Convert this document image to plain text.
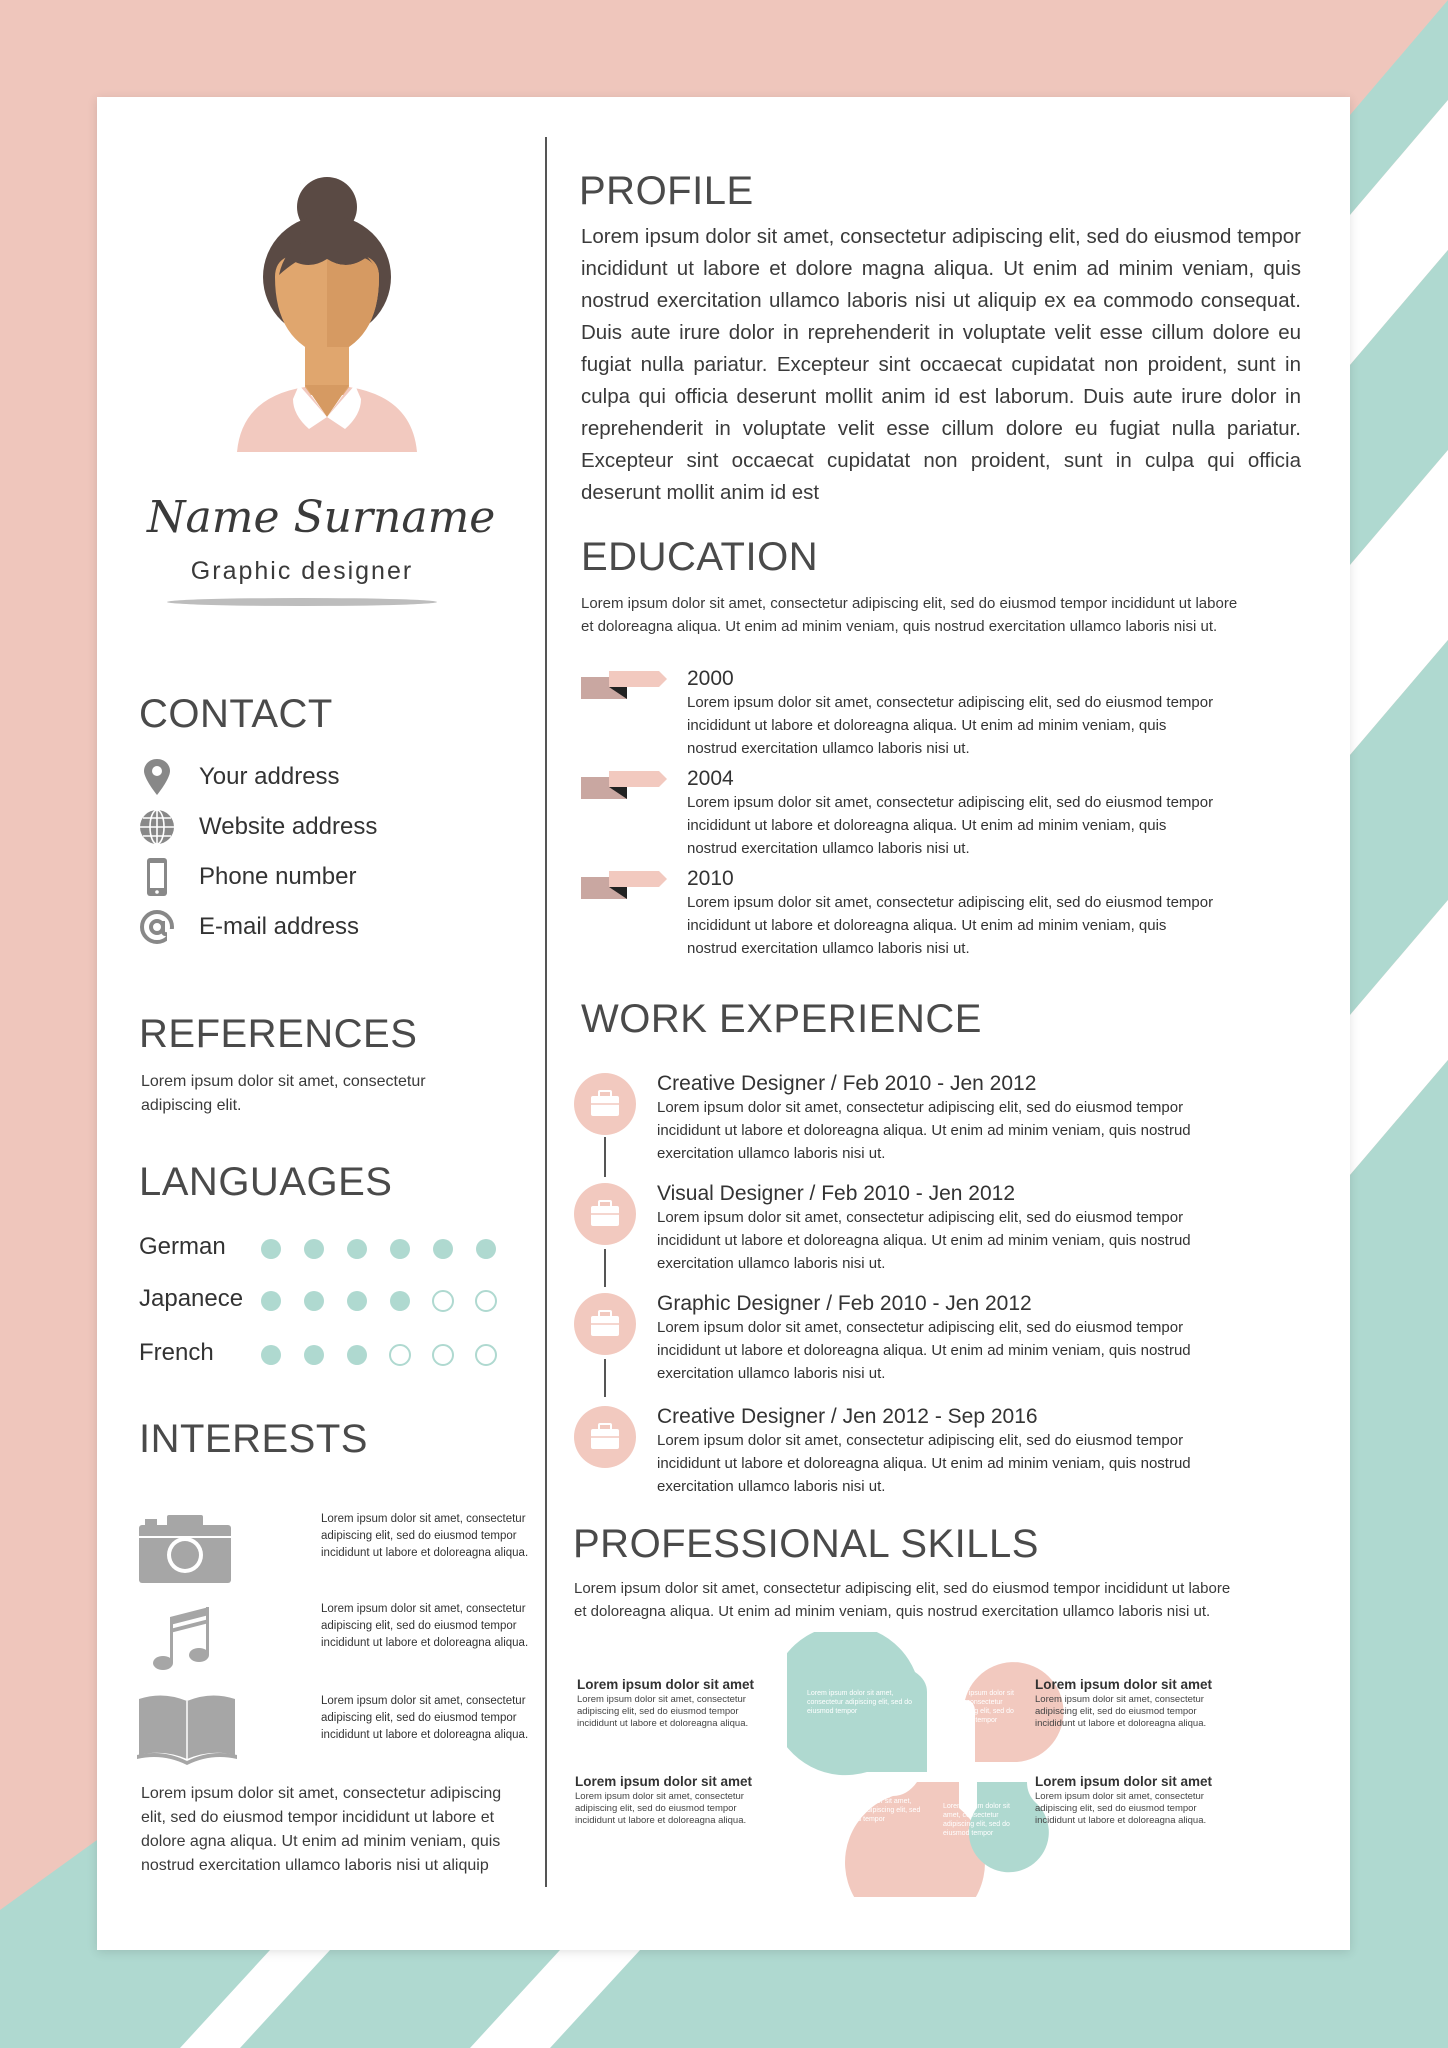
Name Surname
Graphic designer
CONTACT
Your address
Website address
Phone number
E-mail address
REFERENCES
Lorem ipsum dolor sit amet, consectetur adipiscing elit.
LANGUAGES
German
Japanece
French
INTERESTS
Lorem ipsum dolor sit amet, consectetur adipiscing elit, sed do eiusmod tempor incididunt ut labore et doloreagna aliqua.
Lorem ipsum dolor sit amet, consectetur adipiscing elit, sed do eiusmod tempor incididunt ut labore et doloreagna aliqua.
Lorem ipsum dolor sit amet, consectetur adipiscing elit, sed do eiusmod tempor incididunt ut labore et doloreagna aliqua.
Lorem ipsum dolor sit amet, consectetur adipiscing elit, sed do eiusmod tempor incididunt ut labore et dolore agna aliqua. Ut enim ad minim veniam, quis nostrud exercitation ullamco laboris nisi ut aliquip
PROFILE
Lorem ipsum dolor sit amet, consectetur adipiscing elit, sed do eiusmod tempor incididunt ut labore et dolore magna aliqua. Ut enim ad minim veniam, quis nostrud exercitation ullamco laboris nisi ut aliquip ex ea commodo consequat. Duis aute irure dolor in reprehenderit in voluptate velit esse cillum dolore eu fugiat nulla pariatur. Excepteur sint occaecat cupidatat non proident, sunt in culpa qui officia deserunt mollit anim id est laborum. Duis aute irure dolor in reprehenderit in voluptate velit esse cillum dolore eu fugiat nulla pariatur. Excepteur sint occaecat cupidatat non proident, sunt in culpa qui officia deserunt mollit anim id est
EDUCATION
Lorem ipsum dolor sit amet, consectetur adipiscing elit, sed do eiusmod tempor incididunt ut labore et doloreagna aliqua. Ut enim ad minim veniam, quis nostrud exercitation ullamco laboris nisi ut.
2000
Lorem ipsum dolor sit amet, consectetur adipiscing elit, sed do eiusmod tempor incididunt ut labore et doloreagna aliqua. Ut enim ad minim veniam, quis nostrud exercitation ullamco laboris nisi ut.
2004
Lorem ipsum dolor sit amet, consectetur adipiscing elit, sed do eiusmod tempor incididunt ut labore et doloreagna aliqua. Ut enim ad minim veniam, quis nostrud exercitation ullamco laboris nisi ut.
2010
Lorem ipsum dolor sit amet, consectetur adipiscing elit, sed do eiusmod tempor incididunt ut labore et doloreagna aliqua. Ut enim ad minim veniam, quis nostrud exercitation ullamco laboris nisi ut.
WORK EXPERIENCE
Creative Designer / Feb 2010 - Jen 2012
Lorem ipsum dolor sit amet, consectetur adipiscing elit, sed do eiusmod tempor incididunt ut labore et doloreagna aliqua. Ut enim ad minim veniam, quis nostrud exercitation ullamco laboris nisi ut.
Visual Designer / Feb 2010 - Jen 2012
Lorem ipsum dolor sit amet, consectetur adipiscing elit, sed do eiusmod tempor incididunt ut labore et doloreagna aliqua. Ut enim ad minim veniam, quis nostrud exercitation ullamco laboris nisi ut.
Graphic Designer / Feb 2010 - Jen 2012
Lorem ipsum dolor sit amet, consectetur adipiscing elit, sed do eiusmod tempor incididunt ut labore et doloreagna aliqua. Ut enim ad minim veniam, quis nostrud exercitation ullamco laboris nisi ut.
Creative Designer / Jen 2012 - Sep 2016
Lorem ipsum dolor sit amet, consectetur adipiscing elit, sed do eiusmod tempor incididunt ut labore et doloreagna aliqua. Ut enim ad minim veniam, quis nostrud exercitation ullamco laboris nisi ut.
PROFESSIONAL SKILLS
Lorem ipsum dolor sit amet, consectetur adipiscing elit, sed do eiusmod tempor incididunt ut labore et doloreagna aliqua. Ut enim ad minim veniam, quis nostrud exercitation ullamco laboris nisi ut.
Lorem ipsum dolor sit amet, consectetur adipiscing elit, sed do eiusmod tempor
Lorem ipsum dolor sit amet, consectetur adipiscing elit, sed do eiusmod tempor
Lorem ipsum dolor sit amet, consectetur adipiscing elit, sed do eiusmod tempor
Lorem ipsum dolor sit amet, consectetur adipiscing elit, sed do eiusmod tempor
Lorem ipsum dolor sit amet
Lorem ipsum dolor sit amet, consectetur adipiscing elit, sed do eiusmod tempor incididunt ut labore et doloreagna aliqua.
Lorem ipsum dolor sit amet
Lorem ipsum dolor sit amet, consectetur adipiscing elit, sed do eiusmod tempor incididunt ut labore et doloreagna aliqua.
Lorem ipsum dolor sit amet
Lorem ipsum dolor sit amet, consectetur adipiscing elit, sed do eiusmod tempor incididunt ut labore et doloreagna aliqua.
Lorem ipsum dolor sit amet
Lorem ipsum dolor sit amet, consectetur adipiscing elit, sed do eiusmod tempor incididunt ut labore et doloreagna aliqua.
